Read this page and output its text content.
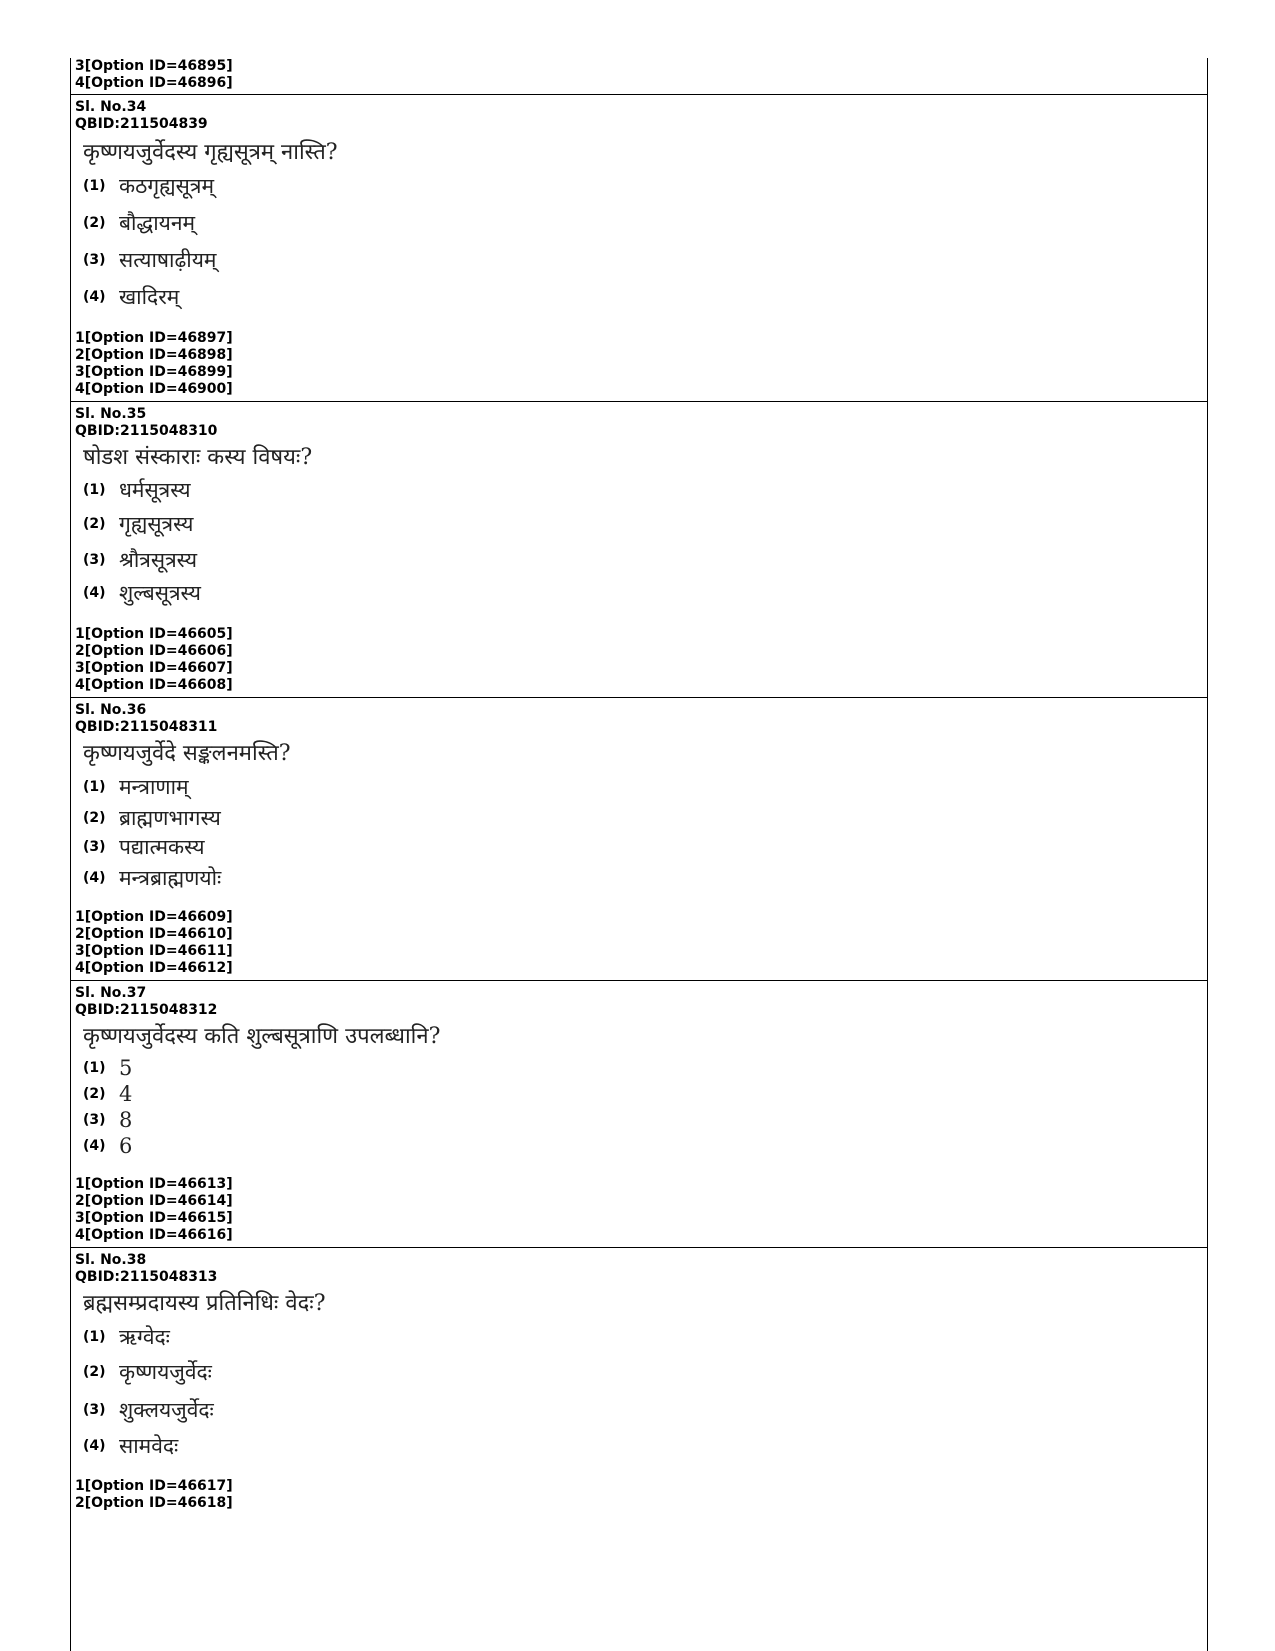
3[Option ID=46895]
4[Option ID=46896]
Sl. No.34
QBID:211504839
कृष्णयजुर्वेदस्य गृह्यसूत्रम् नास्ति?
(1) कठगृह्यसूत्रम्
(2) बौद्धायनम्
(3) सत्याषाढ़ीयम्
(4) खादिरम्
1[Option ID=46897]
2[Option ID=46898]
3[Option ID=46899]
4[Option ID=46900]
Sl. No.35
QBID:2115048310
षोडश संस्काराः कस्य विषयः?
(1) धर्मसूत्रस्य
(2) गृह्यसूत्रस्य
(3) श्रौत्रसूत्रस्य
(4) शुल्बसूत्रस्य
1[Option ID=46605]
2[Option ID=46606]
3[Option ID=46607]
4[Option ID=46608]
Sl. No.36
QBID:2115048311
कृष्णयजुर्वेदे सङ्कलनमस्ति?
(1) मन्त्राणाम्
(2) ब्राह्मणभागस्य
(3) पद्यात्मकस्य
(4) मन्त्रब्राह्मणयोः
1[Option ID=46609]
2[Option ID=46610]
3[Option ID=46611]
4[Option ID=46612]
Sl. No.37
QBID:2115048312
कृष्णयजुर्वेदस्य कति शुल्बसूत्राणि उपलब्धानि?
(1) 5
(2) 4
(3) 8
(4) 6
1[Option ID=46613]
2[Option ID=46614]
3[Option ID=46615]
4[Option ID=46616]
Sl. No.38
QBID:2115048313
ब्रह्मसम्प्रदायस्य प्रतिनिधिः वेदः?
(1) ऋग्वेदः
(2) कृष्णयजुर्वेदः
(3) शुक्लयजुर्वेदः
(4) सामवेदः
1[Option ID=46617]
2[Option ID=46618]
